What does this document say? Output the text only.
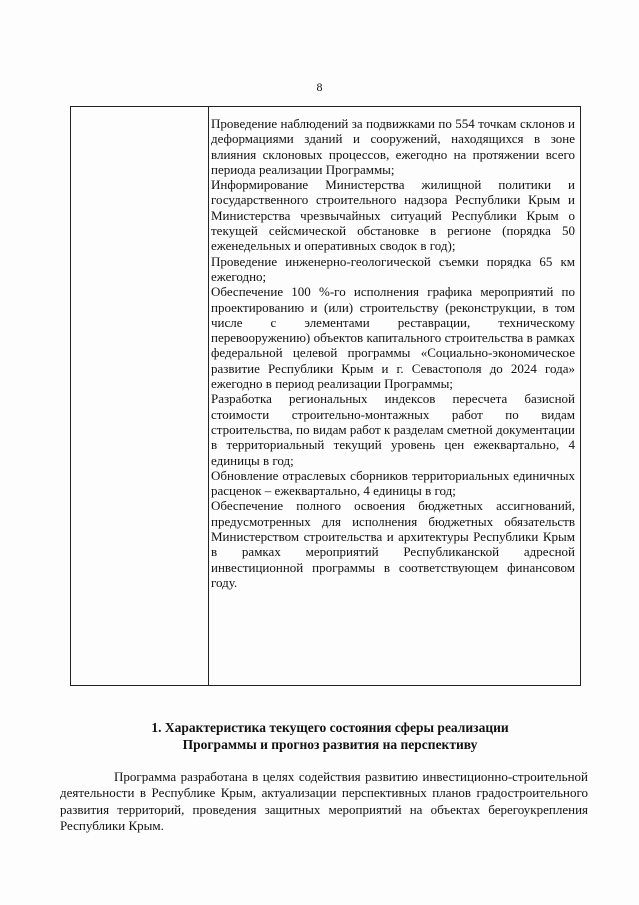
8

Проведение наблюдений за подвижками по 554 точкам склонов и деформациями зданий и сооружений, находящихся в зоне влияния склоновых процессов, ежегодно на протяжении всего периода реализации Программы;

Информирование Министерства жилищной политики и государственного строительного надзора Республики Крым и Министерства чрезвычайных ситуаций Республики Крым о текущей сейсмической обстановке в регионе (порядка 50 еженедельных и оперативных сводок в год);

Проведение инженерно-геологической съемки порядка 65 км ежегодно;

Обеспечение 100 %-го исполнения графика мероприятий по проектированию и (или) строительству (реконструкции, в том числе с элементами реставрации, техническому перевооружению) объектов капитального строительства в рамках федеральной целевой программы «Социально-экономическое развитие Республики Крым и г. Севастополя до 2024 года» ежегодно в период реализации Программы;

Разработка региональных индексов пересчета базисной стоимости строительно-монтажных работ по видам строительства, по видам работ к разделам сметной документации в территориальный текущий уровень цен ежеквартально, 4 единицы в год;

Обновление отраслевых сборников территориальных единичных расценок – ежеквартально, 4 единицы в год;

Обеспечение полного освоения бюджетных ассигнований, предусмотренных для исполнения бюджетных обязательств Министерством строительства и архитектуры Республики Крым в рамках мероприятий Республиканской адресной инвестиционной программы в соответствующем финансовом году.

1. Характеристика текущего состояния сферы реализации
Программы и прогноз развития на перспективу

Программа разработана в целях содействия развитию инвестиционно-строительной деятельности в Республике Крым, актуализации перспективных планов градостроительного развития территорий, проведения защитных мероприятий на объектах берегоукрепления Республики Крым.
